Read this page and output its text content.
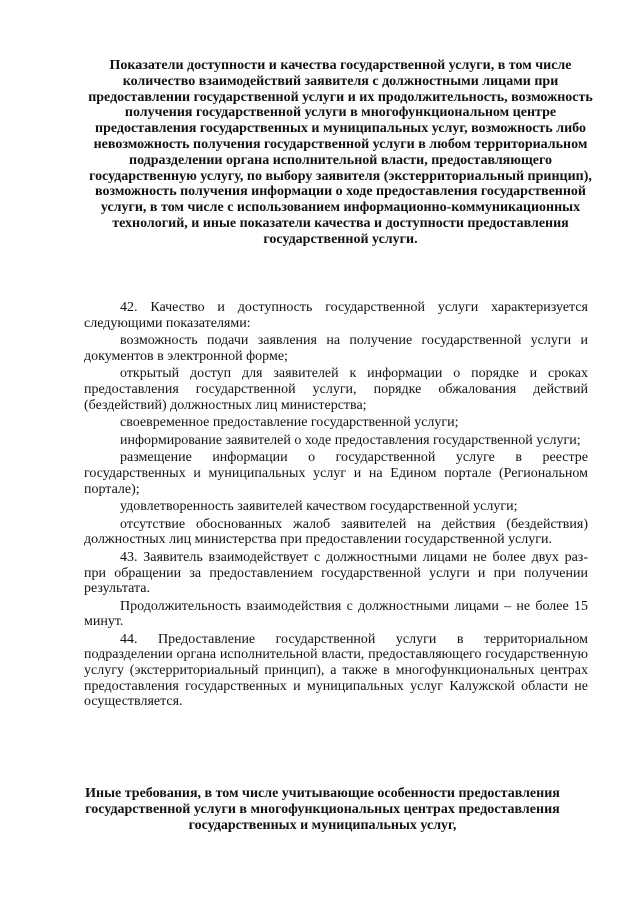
Показатели доступности и качества государственной услуги, в том числе количество взаимодействий заявителя с должностными лицами при предоставлении государственной услуги и их продолжительность, возможность получения государственной услуги в многофункциональном центре предоставления государственных и муниципальных услуг, возможность либо невозможность получения государственной услуги в любом территориальном подразделении органа исполнительной власти, предоставляющего государственную услугу, по выбору заявителя (экстерриториальный принцип), возможность получения информации о ходе предоставления государственной услуги, в том числе с использованием информационно-коммуникационных технологий, и иные показатели качества и доступности предоставления государственной услуги.

42. Качество и доступность государственной услуги характеризуется следующими показателями:

возможность подачи заявления на получение государственной услуги и документов в электронной форме;

открытый доступ для заявителей к информации о порядке и сроках предоставления государственной услуги, порядке обжалования действий (бездействий) должностных лиц министерства;

своевременное предоставление государственной услуги;

информирование заявителей о ходе предоставления государственной услуги;

размещение информации о государственной услуге в реестре государственных и муниципальных услуг и на Едином портале (Региональном портале);

удовлетворенность заявителей качеством государственной услуги;

отсутствие обоснованных жалоб заявителей на действия (бездействия) должностных лиц министерства при предоставлении государственной услуги.

43. Заявитель взаимодействует с должностными лицами не более двух раз-при обращении за предоставлением государственной услуги и при получении результата.

Продолжительность взаимодействия с должностными лицами – не более 15 минут.

44. Предоставление государственной услуги в территориальном подразделении органа исполнительной власти, предоставляющего государственную услугу (экстерриториальный принцип), а также в многофункциональных центрах предоставления государственных и муниципальных услуг Калужской области не осуществляется.

Иные требования, в том числе учитывающие особенности предоставления государственной услуги в многофункциональных центрах предоставления государственных и муниципальных услуг,
